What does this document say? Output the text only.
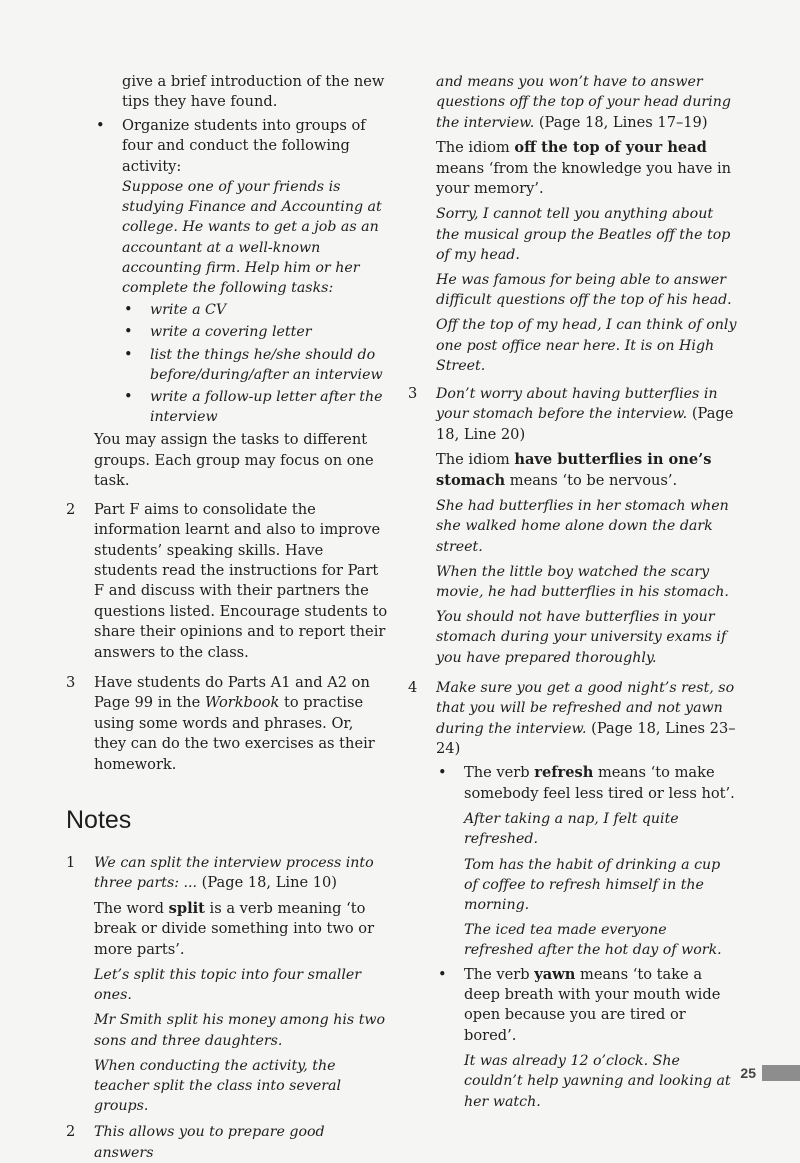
give a brief introduction of the new tips they have found.

• Organize students into groups of four and conduct the following activity:

Suppose one of your friends is studying Finance and Accounting at college. He wants to get a job as an accountant at a well-known accounting firm. Help him or her complete the following tasks:

• write a CV

• write a covering letter

• list the things he/she should do before/during/after an interview

• write a follow-up letter after the interview

You may assign the tasks to different groups. Each group may focus on one task.

2 Part F aims to consolidate the information learnt and also to improve students’ speaking skills. Have students read the instructions for Part F and discuss with their partners the questions listed. Encourage students to share their opinions and to report their answers to the class.

3 Have students do Parts A1 and A2 on Page 99 in the Workbook to practise using some words and phrases. Or, they can do the two exercises as their homework.

Notes
1 We can split the interview process into three parts: ... (Page 18, Line 10)

The word split is a verb meaning ‘to break or divide something into two or more parts’.

Let’s split this topic into four smaller ones.

Mr Smith split his money among his two sons and three daughters.

When conducting the activity, the teacher split the class into several groups.

2 This allows you to prepare good answers

and means you won’t have to answer questions off the top of your head during the interview. (Page 18, Lines 17–19)

The idiom off the top of your head means ‘from the knowledge you have in your memory’.

Sorry, I cannot tell you anything about the musical group the Beatles off the top of my head.

He was famous for being able to answer difficult questions off the top of his head.

Off the top of my head, I can think of only one post office near here. It is on High Street.

3 Don’t worry about having butterflies in your stomach before the interview. (Page 18, Line 20)

The idiom have butterflies in one’s stomach means ‘to be nervous’.

She had butterflies in her stomach when she walked home alone down the dark street.

When the little boy watched the scary movie, he had butterflies in his stomach.

You should not have butterflies in your stomach during your university exams if you have prepared thoroughly.

4 Make sure you get a good night’s rest, so that you will be refreshed and not yawn during the interview. (Page 18, Lines 23–24)

• The verb refresh means ‘to make somebody feel less tired or less hot’.

After taking a nap, I felt quite refreshed.

Tom has the habit of drinking a cup of coffee to refresh himself in the morning.

The iced tea made everyone refreshed after the hot day of work.

• The verb yawn means ‘to take a deep breath with your mouth wide open because you are tired or bored’.

It was already 12 o’clock. She couldn’t help yawning and looking at her watch.

25
